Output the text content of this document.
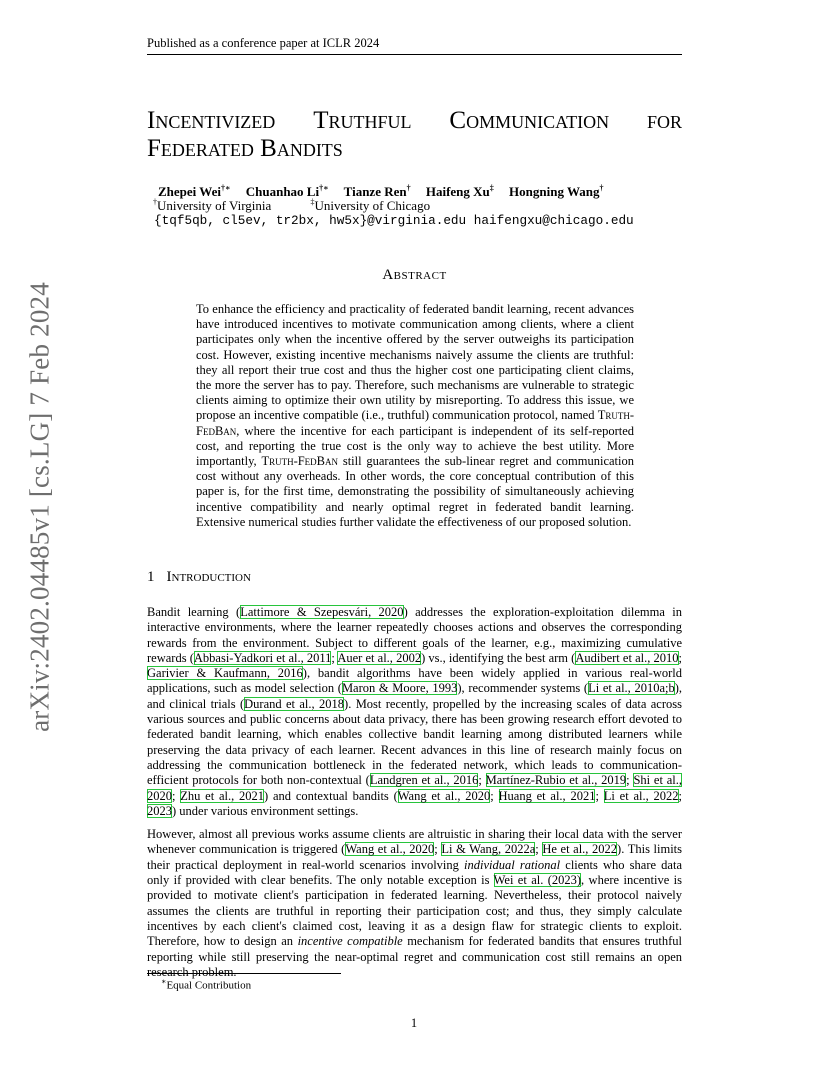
Published as a conference paper at ICLR 2024
arXiv:2402.04485v1 [cs.LG] 7 Feb 2024
Incentivized Truthful Communication for
Federated Bandits
Zhepei Wei†∗ Chuanhao Li†∗ Tianze Ren† Haifeng Xu‡ Hongning Wang†
†University of Virginia	‡University of Chicago
{tqf5qb, cl5ev, tr2bx, hw5x}@virginia.edu haifengxu@chicago.edu
Abstract
To enhance the efficiency and practicality of federated bandit learning, recent advances have introduced incentives to motivate communication among clients, where a client participates only when the incentive offered by the server outweighs its participation cost. However, existing incentive mechanisms naively assume the clients are truthful: they all report their true cost and thus the higher cost one participating client claims, the more the server has to pay. Therefore, such mechanisms are vulnerable to strategic clients aiming to optimize their own utility by misreporting. To address this issue, we propose an incentive compatible (i.e., truthful) communication protocol, named Truth-FedBan, where the incentive for each participant is independent of its self-reported cost, and reporting the true cost is the only way to achieve the best utility. More importantly, Truth-FedBan still guarantees the sub-linear regret and communication cost without any overheads. In other words, the core conceptual contribution of this paper is, for the first time, demonstrating the possibility of simultaneously achieving incentive compatibility and nearly optimal regret in federated bandit learning. Extensive numerical studies further validate the effectiveness of our proposed solution.
1 Introduction

Bandit learning (Lattimore & Szepesvári, 2020) addresses the exploration-exploitation dilemma in interactive environments, where the learner repeatedly chooses actions and observes the corresponding rewards from the environment. Subject to different goals of the learner, e.g., maximizing cumulative rewards (Abbasi-Yadkori et al., 2011; Auer et al., 2002) vs., identifying the best arm (Audibert et al., 2010; Garivier & Kaufmann, 2016), bandit algorithms have been widely applied in various real-world applications, such as model selection (Maron & Moore, 1993), recommender systems (Li et al., 2010a;b), and clinical trials (Durand et al., 2018). Most recently, propelled by the increasing scales of data across various sources and public concerns about data privacy, there has been growing research effort devoted to federated bandit learning, which enables collective bandit learning among distributed learners while preserving the data privacy of each learner. Recent advances in this line of research mainly focus on addressing the communication bottleneck in the federated network, which leads to communication-efficient protocols for both non-contextual (Landgren et al., 2016; Martínez-Rubio et al., 2019; Shi et al., 2020; Zhu et al., 2021) and contextual bandits (Wang et al., 2020; Huang et al., 2021; Li et al., 2022; 2023) under various environment settings.

However, almost all previous works assume clients are altruistic in sharing their local data with the server whenever communication is triggered (Wang et al., 2020; Li & Wang, 2022a; He et al., 2022). This limits their practical deployment in real-world scenarios involving individual rational clients who share data only if provided with clear benefits. The only notable exception is Wei et al. (2023), where incentive is provided to motivate client's participation in federated learning. Nevertheless, their protocol naively assumes the clients are truthful in reporting their participation cost; and thus, they simply calculate incentives by each client's claimed cost, leaving it as a design flaw for strategic clients to exploit. Therefore, how to design an incentive compatible mechanism for federated bandits that ensures truthful reporting while still preserving the near-optimal regret and communication cost still remains an open research problem.

∗Equal Contribution
1
